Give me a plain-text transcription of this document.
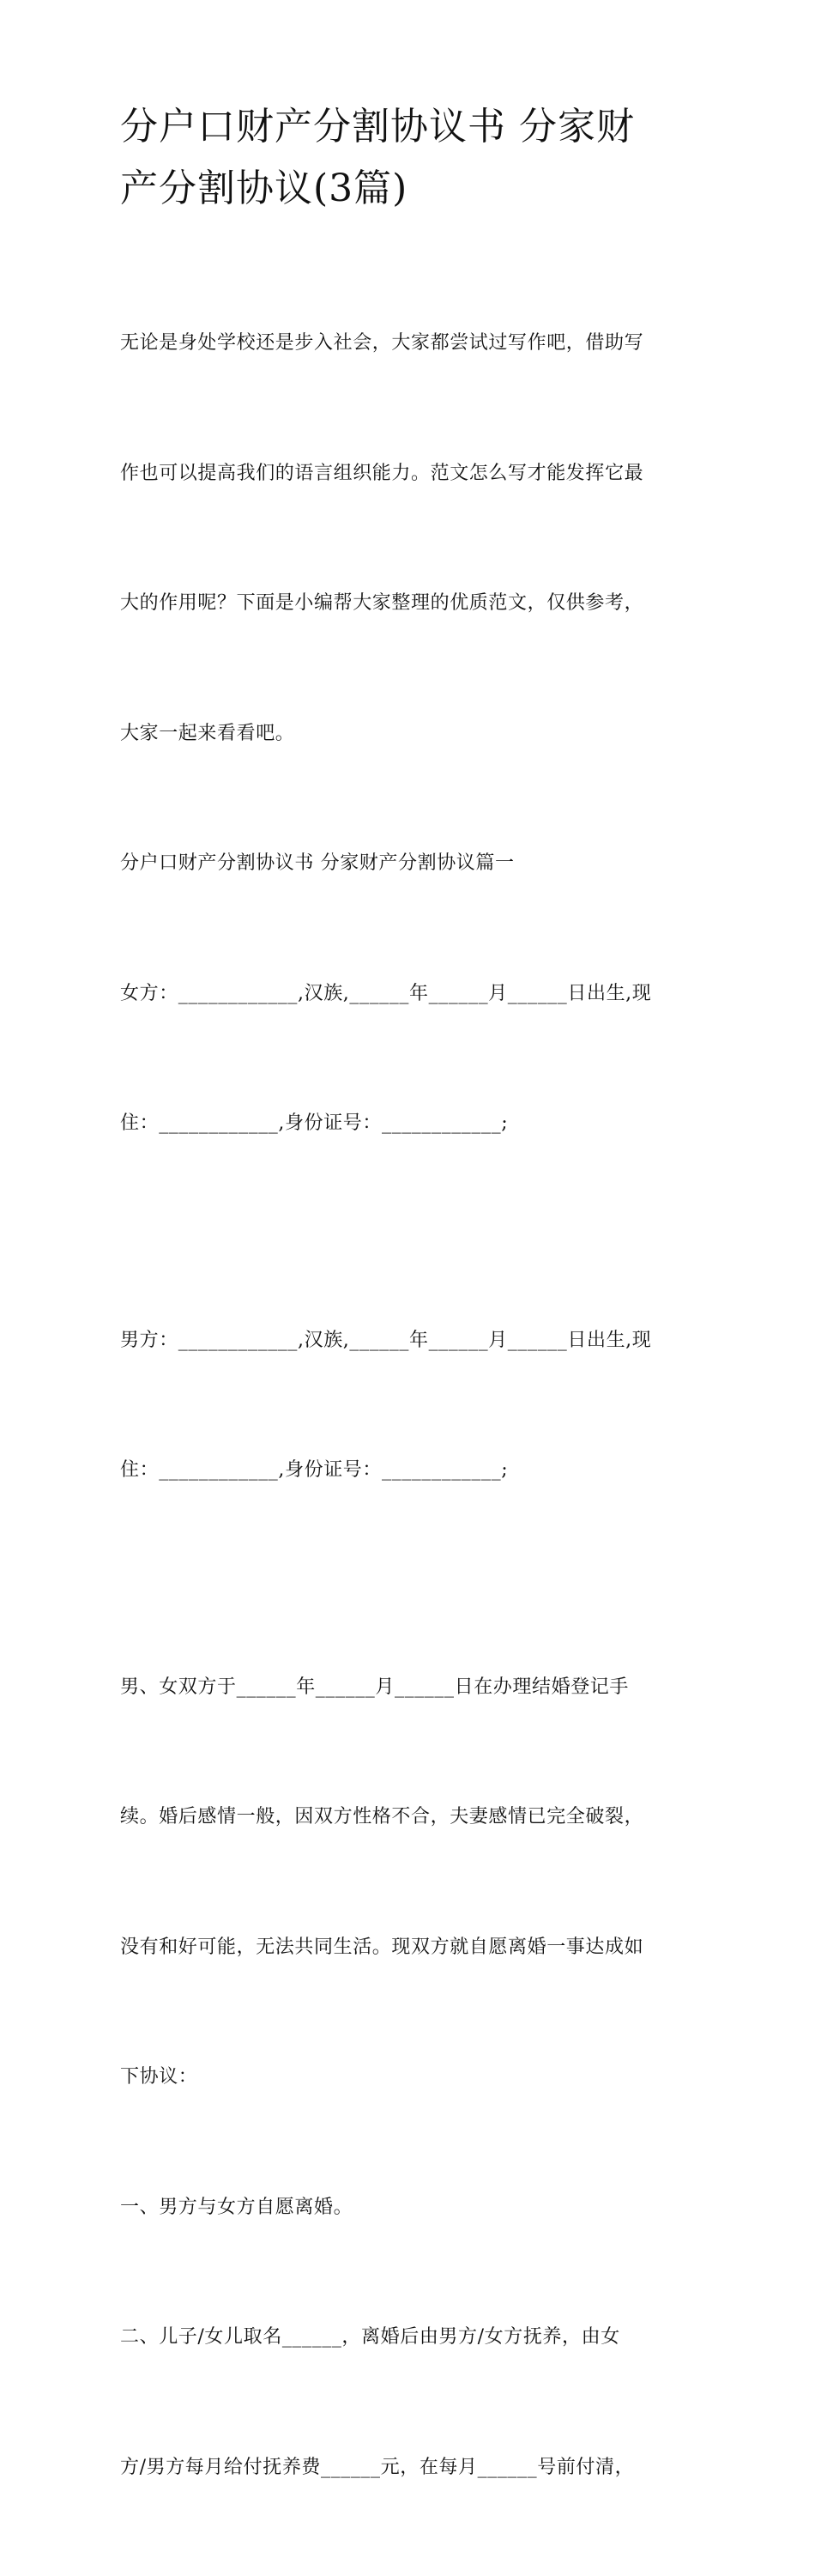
分户口财产分割协议书 分家财
产分割协议(3篇)

无论是身处学校还是步入社会，大家都尝试过写作吧，借助写

作也可以提高我们的语言组织能力。范文怎么写才能发挥它最

大的作用呢？下面是小编帮大家整理的优质范文，仅供参考，

大家一起来看看吧。

分户口财产分割协议书 分家财产分割协议篇一

女方：____________,汉族,______年______月______日出生,现

住：____________,身份证号：____________;

男方：____________,汉族,______年______月______日出生,现

住：____________,身份证号：____________;

男、女双方于______年______月______日在办理结婚登记手

续。婚后感情一般，因双方性格不合，夫妻感情已完全破裂，

没有和好可能，无法共同生活。现双方就自愿离婚一事达成如

下协议：

一、男方与女方自愿离婚。

二、儿子/女儿取名______，离婚后由男方/女方抚养，由女

方/男方每月给付抚养费______元，在每月______号前付清，
